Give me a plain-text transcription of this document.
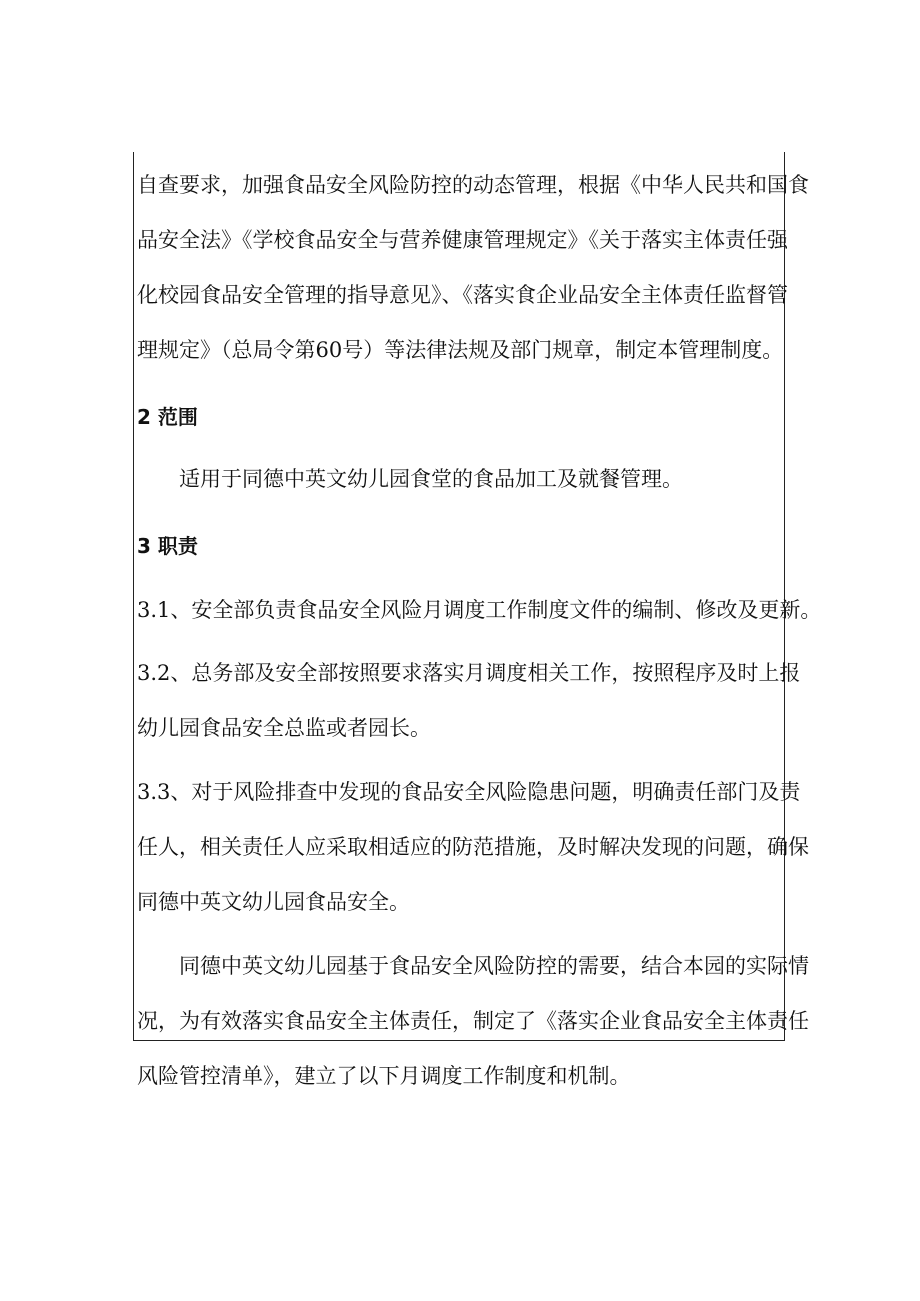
自查要求，加强食品安全风险防控的动态管理，根据《中华人民共和国食

品安全法》《学校食品安全与营养健康管理规定》《关于落实主体责任强

化校园食品安全管理的指导意见》、《落实食企业品安全主体责任监督管

理规定》（总局令第60号）等法律法规及部门规章，制定本管理制度。

2 范围

适用于同德中英文幼儿园食堂的食品加工及就餐管理。

3 职责

3.1、安全部负责食品安全风险月调度工作制度文件的编制、修改及更新。

3.2、总务部及安全部按照要求落实月调度相关工作，按照程序及时上报

幼儿园食品安全总监或者园长。

3.3、对于风险排查中发现的食品安全风险隐患问题，明确责任部门及责

任人，相关责任人应采取相适应的防范措施，及时解决发现的问题，确保

同德中英文幼儿园食品安全。

同德中英文幼儿园基于食品安全风险防控的需要，结合本园的实际情

况，为有效落实食品安全主体责任，制定了《落实企业食品安全主体责任

风险管控清单》，建立了以下月调度工作制度和机制。
